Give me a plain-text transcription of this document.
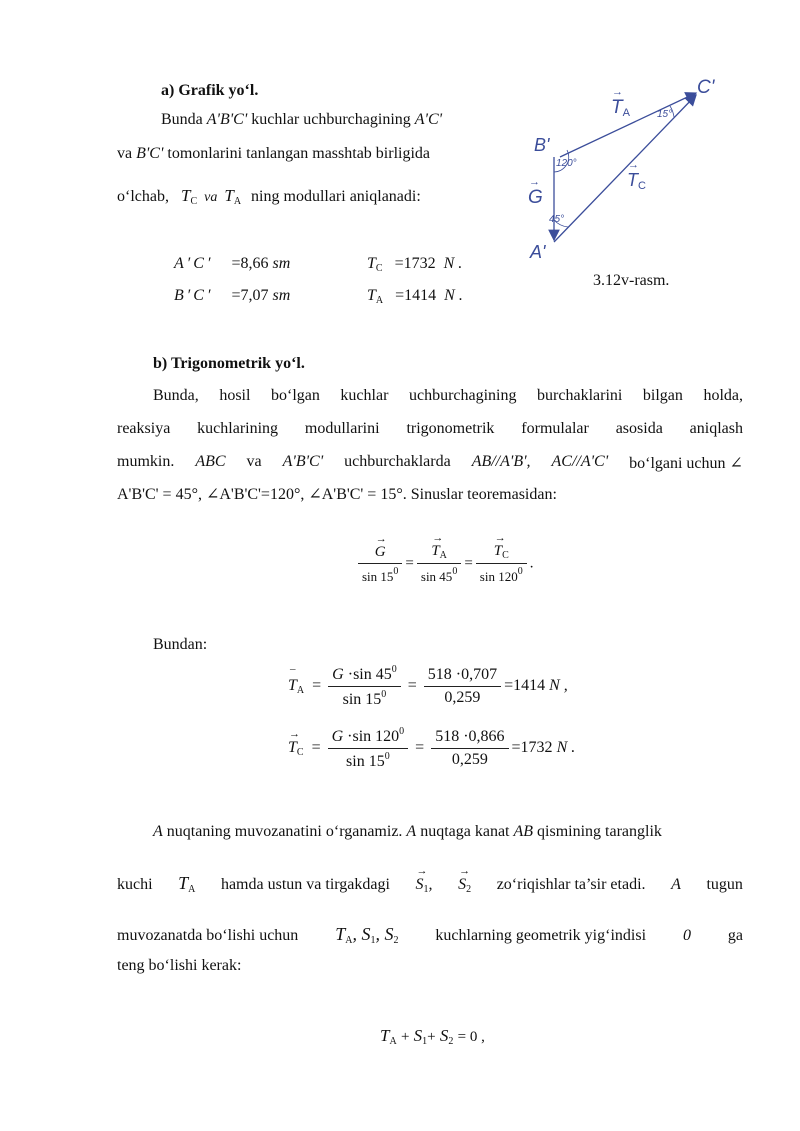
a) Grafik yo‘l.
Bunda A'B'C' kuchlar uchburchagining A'C'
va B'C' tomonlarini tanlangan masshtab birligida
o‘lchab, $T_C$ va $T_A$ ning modullari aniqlanadi:
A′C′ =8,66 sm	$T_C =1732$ N .
B′C′ =7,07 sm	$T_A =1414$ N .
C'
B'
A'
→ $T_A$
→ $T_C$
→ G
15°
120°
45°
3.12v-rasm.
b) Trigonometrik yo‘l.
Bunda, hosil bo‘lgan kuchlar uchburchagining burchaklarini bilgan holda,
reaksiya kuchlarining modullarini trigonometrik formulalar asosida aniqlash
mumkin. ABC va A'B'C' uchburchaklarda AB//A'B', AC//A'C' bo‘lgani uchun ∠
A'B'C' = 45°, ∠A'B'C'=120°, ∠A'B'C' = 15°. Sinuslar teoremasidan:
→ $\frac{G}{\sin 15^0}$ = → $\frac{T_A}{\sin 45^0}$ = → $\frac{T_C}{\sin 120^0}$ .
Bundan:
– $T_A = \frac{G \cdot\sin 45^0}{\sin 15^0} = \frac{518 \cdot 0,707}{0,259} =1414$ N ,
→ $T_C = \frac{G \cdot\sin 120^0}{\sin 15^0} = \frac{518 \cdot 0,866}{0,259} =1732$ N .
A nuqtaning muvozanatini o‘rganamiz. A nuqtaga kanat AB qismining taranglik
kuchi $T_A$ hamda ustun va tirgakdagi → $S_1$, → $S_2$ zo‘riqishlar ta’sir etadi. A tugun
muvozanatda bo‘lishi uchun $T_A$, $S_1$, $S_2$ kuchlarning geometrik yig‘indisi 0 ga
teng bo‘lishi kerak:
$T_A + S_1+ S_2 = 0$ ,
